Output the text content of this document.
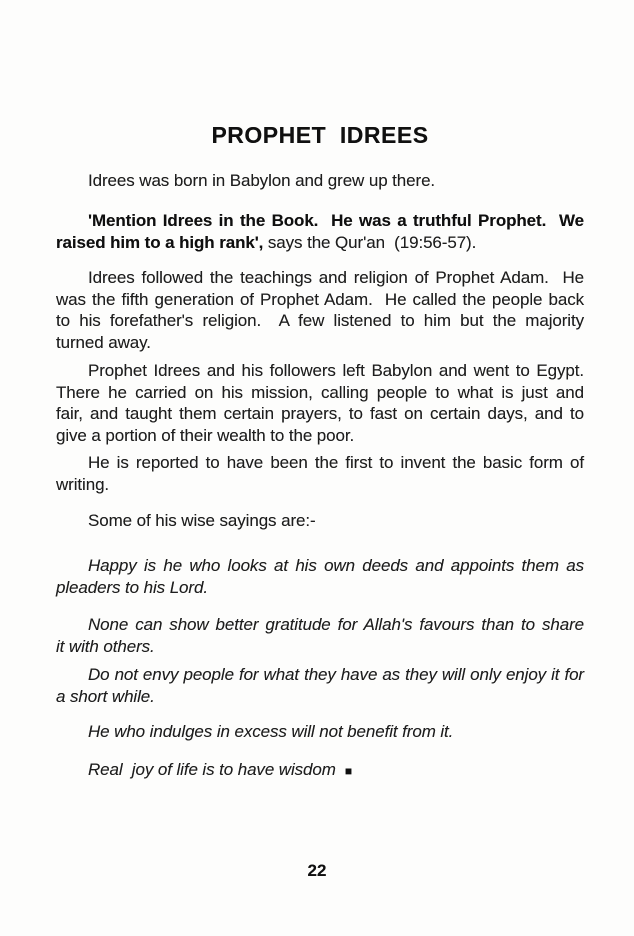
PROPHET  IDREES
Idrees was born in Babylon and grew up there.
'Mention Idrees in the Book.  He was a truthful Prophet.  We
raised him to a high rank', says the Qur'an  (19:56-57).
Idrees followed the teachings and religion of Prophet Adam.  He
was the fifth generation of Prophet Adam.  He called the people back
to his forefather's religion.  A few listened to him but the majority
turned away.
Prophet Idrees and his followers left Babylon and went to Egypt.
There he carried on his mission, calling people to what is just and
fair, and taught them certain prayers, to fast on certain days, and to
give a portion of their wealth to the poor.
He is reported to have been the first to invent the basic form of
writing.
Some of his wise sayings are:-
Happy is he who looks at his own deeds and appoints them as
pleaders to his Lord.
None can show better gratitude for Allah's favours than to share
it with others.
Do not envy people for what they have as they will only enjoy it for
a short while.
He who indulges in excess will not benefit from it.
Real  joy of life is to have wisdom ■
22
